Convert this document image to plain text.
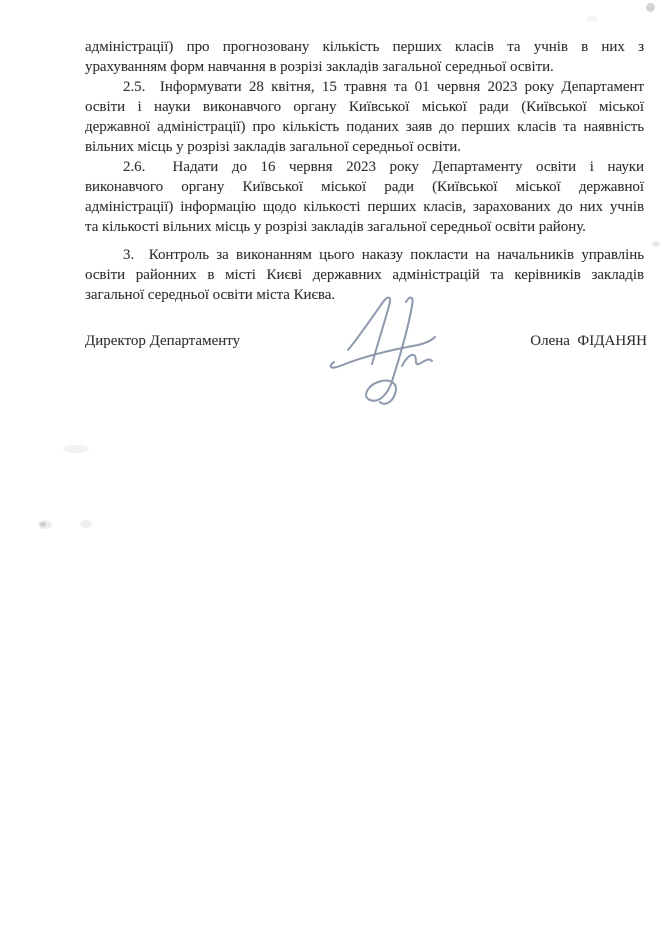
адміністрації) про прогнозовану кількість перших класів та учнів в них з
урахуванням форм навчання в розрізі закладів загальної середньої освіти.
2.5.  Інформувати 28 квітня, 15 травня та 01 червня 2023 року Департамент
освіти і науки виконавчого органу Київської міської ради (Київської міської
державної адміністрації) про кількість поданих заяв до перших класів та наявність
вільних місць у розрізі закладів загальної середньої освіти.
2.6.  Надати до 16 червня 2023 року Департаменту освіти і науки
виконавчого органу Київської міської ради (Київської міської державної
адміністрації) інформацію щодо кількості перших класів, зарахованих до них учнів
та кількості вільних місць у розрізі закладів загальної середньої освіти району.
3.  Контроль за виконанням цього наказу покласти на начальників управлінь
освіти районних в місті Києві державних адміністрацій та керівників закладів
загальної середньої освіти міста Києва.
Директор Департаменту	Олена  ФІДАНЯН
